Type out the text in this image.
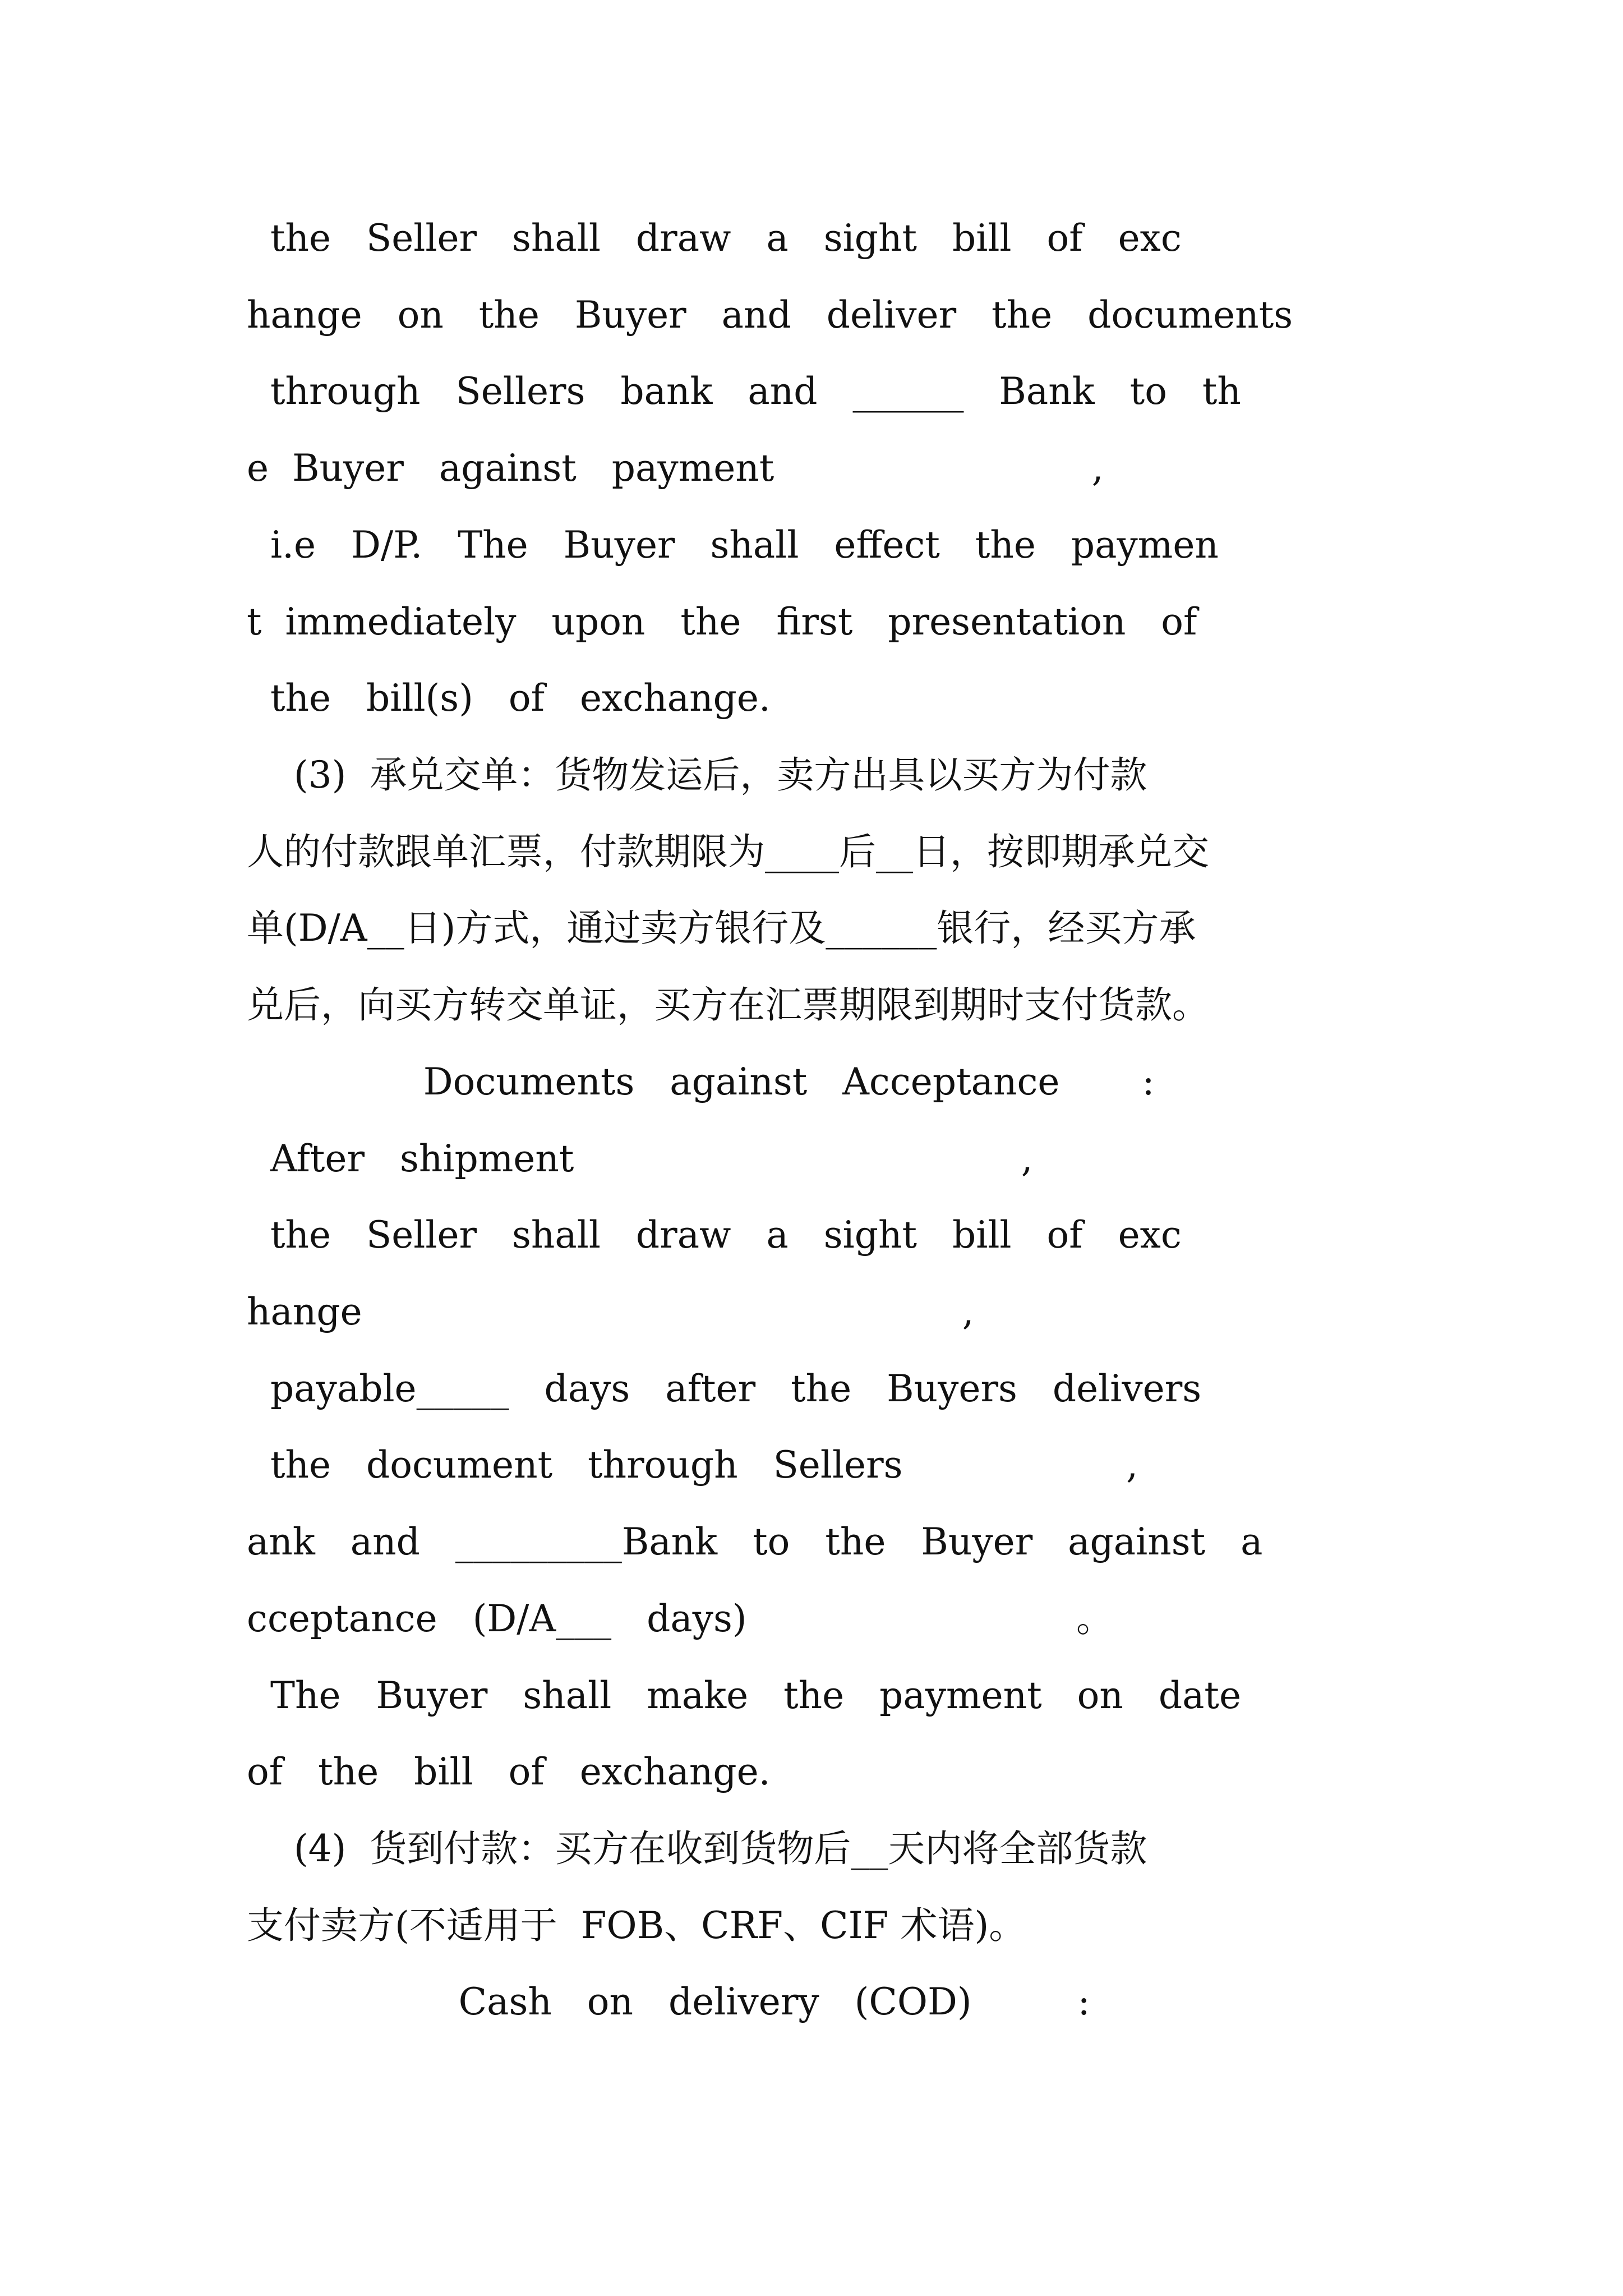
the   Seller   shall   draw   a   sight   bill   of   exc
hange   on   the   Buyer   and   deliver   the   documents
through   Sellers   bank   and   ______   Bank   to   th
e  Buyer   against   payment                           ,
i.e   D/P.   The   Buyer   shall   effect   the   paymen
t  immediately   upon   the   first   presentation   of
the   bill(s)   of   exchange.
(3)  承兑交单：货物发运后，卖方出具以买方为付款
人的付款跟单汇票，付款期限为____后__日，按即期承兑交
单(D/A__日)方式，通过卖方银行及______银行，经买方承
兑后，向买方转交单证，买方在汇票期限到期时支付货款。
Documents   against   Acceptance       :
After   shipment                                      ,
the   Seller   shall   draw   a   sight   bill   of   exc
hange                                                   ,
payable_____   days   after   the   Buyers   delivers
the   document   through   Sellers                   ,
ank   and   _________Bank   to   the   Buyer   against   a
cceptance   (D/A___   days)                            。
The   Buyer   shall   make   the   payment   on   date
of   the   bill   of   exchange.
(4)  货到付款：买方在收到货物后__天内将全部货款
支付卖方(不适用于  FOB、CRF、CIF 术语)。
Cash   on   delivery   (COD)         :
